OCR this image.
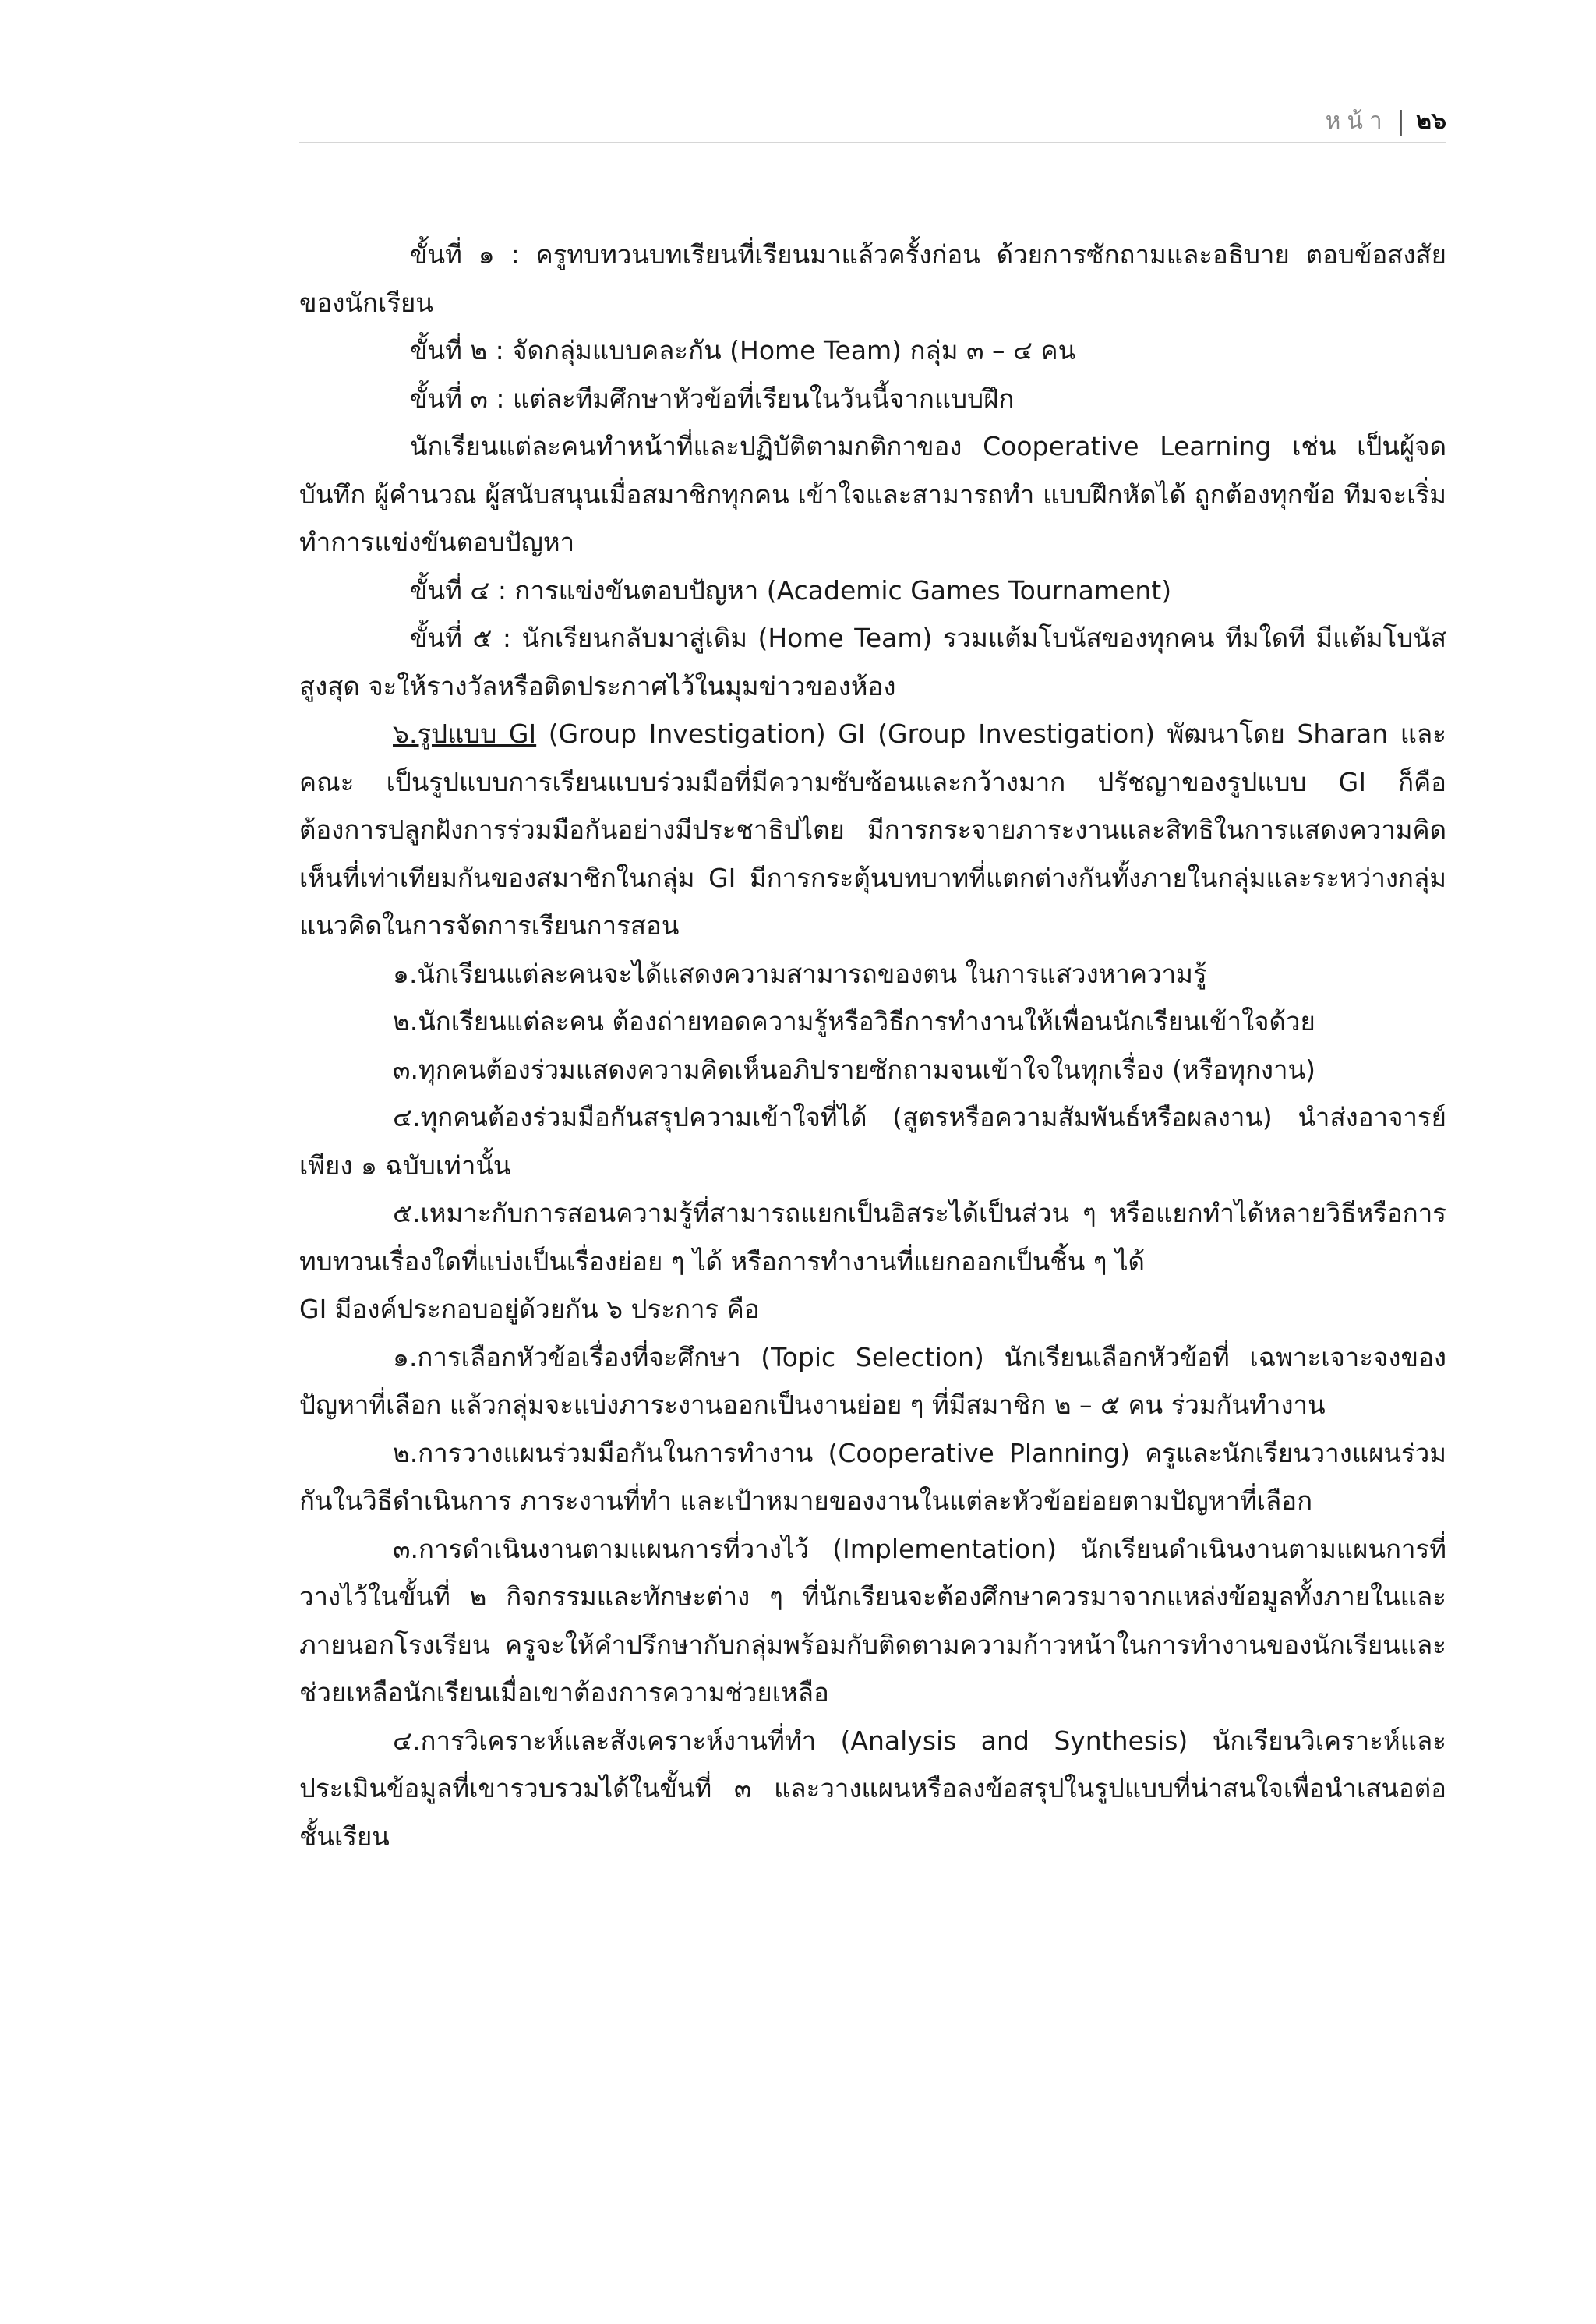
หน้า | ๒๖

ขั้นที่ ๑ : ครูทบทวนบทเรียนที่เรียนมาแล้วครั้งก่อน ด้วยการซักถามและอธิบาย ตอบข้อสงสัยของนักเรียน

ขั้นที่ ๒ : จัดกลุ่มแบบคละกัน (Home Team) กลุ่ม ๓ – ๔ คน

ขั้นที่ ๓ : แต่ละทีมศึกษาหัวข้อที่เรียนในวันนี้จากแบบฝึก

นักเรียนแต่ละคนทำหน้าที่และปฏิบัติตามกติกาของ Cooperative Learning เช่น เป็นผู้จดบันทึก ผู้คำนวณ ผู้สนับสนุนเมื่อสมาชิกทุกคน เข้าใจและสามารถทำ แบบฝึกหัดได้ ถูกต้องทุกข้อ ทีมจะเริ่มทำการแข่งขันตอบปัญหา

ขั้นที่ ๔ : การแข่งขันตอบปัญหา (Academic Games Tournament)

ขั้นที่ ๕ : นักเรียนกลับมาสู่เดิม (Home Team) รวมแต้มโบนัสของทุกคน ทีมใดที มีแต้มโบนัสสูงสุด จะให้รางวัลหรือติดประกาศไว้ในมุมข่าวของห้อง

๖.รูปแบบ GI (Group Investigation) GI (Group Investigation) พัฒนาโดย Sharan และคณะ เป็นรูปแบบการเรียนแบบร่วมมือที่มีความซับซ้อนและกว้างมาก ปรัชญาของรูปแบบ GI ก็คือ ต้องการปลูกฝังการร่วมมือกันอย่างมีประชาธิปไตย มีการกระจายภาระงานและสิทธิในการแสดงความคิดเห็นที่เท่าเทียมกันของสมาชิกในกลุ่ม GI มีการกระตุ้นบทบาทที่แตกต่างกันทั้งภายในกลุ่มและระหว่างกลุ่ม แนวคิดในการจัดการเรียนการสอน

๑.นักเรียนแต่ละคนจะได้แสดงความสามารถของตน ในการแสวงหาความรู้

๒.นักเรียนแต่ละคน ต้องถ่ายทอดความรู้หรือวิธีการทำงานให้เพื่อนนักเรียนเข้าใจด้วย

๓.ทุกคนต้องร่วมแสดงความคิดเห็นอภิปรายซักถามจนเข้าใจในทุกเรื่อง (หรือทุกงาน)

๔.ทุกคนต้องร่วมมือกันสรุปความเข้าใจที่ได้ (สูตรหรือความสัมพันธ์หรือผลงาน) นำส่งอาจารย์เพียง ๑ ฉบับเท่านั้น

๕.เหมาะกับการสอนความรู้ที่สามารถแยกเป็นอิสระได้เป็นส่วน ๆ หรือแยกทำได้หลายวิธีหรือการทบทวนเรื่องใดที่แบ่งเป็นเรื่องย่อย ๆ ได้ หรือการทำงานที่แยกออกเป็นชิ้น ๆ ได้

GI มีองค์ประกอบอยู่ด้วยกัน ๖ ประการ คือ

๑.การเลือกหัวข้อเรื่องที่จะศึกษา (Topic Selection) นักเรียนเลือกหัวข้อที่ เฉพาะเจาะจงของปัญหาที่เลือก แล้วกลุ่มจะแบ่งภาระงานออกเป็นงานย่อย ๆ ที่มีสมาชิก ๒ – ๕ คน ร่วมกันทำงาน

๒.การวางแผนร่วมมือกันในการทำงาน (Cooperative Planning) ครูและนักเรียนวางแผนร่วมกันในวิธีดำเนินการ ภาระงานที่ทำ และเป้าหมายของงานในแต่ละหัวข้อย่อยตามปัญหาที่เลือก

๓.การดำเนินงานตามแผนการที่วางไว้ (Implementation) นักเรียนดำเนินงานตามแผนการที่วางไว้ในขั้นที่ ๒ กิจกรรมและทักษะต่าง ๆ ที่นักเรียนจะต้องศึกษาควรมาจากแหล่งข้อมูลทั้งภายในและภายนอกโรงเรียน ครูจะให้คำปรึกษากับกลุ่มพร้อมกับติดตามความก้าวหน้าในการทำงานของนักเรียนและช่วยเหลือนักเรียนเมื่อเขาต้องการความช่วยเหลือ

๔.การวิเคราะห์และสังเคราะห์งานที่ทำ (Analysis and Synthesis) นักเรียนวิเคราะห์และประเมินข้อมูลที่เขารวบรวมได้ในขั้นที่ ๓ และวางแผนหรือลงข้อสรุปในรูปแบบที่น่าสนใจเพื่อนำเสนอต่อชั้นเรียน
